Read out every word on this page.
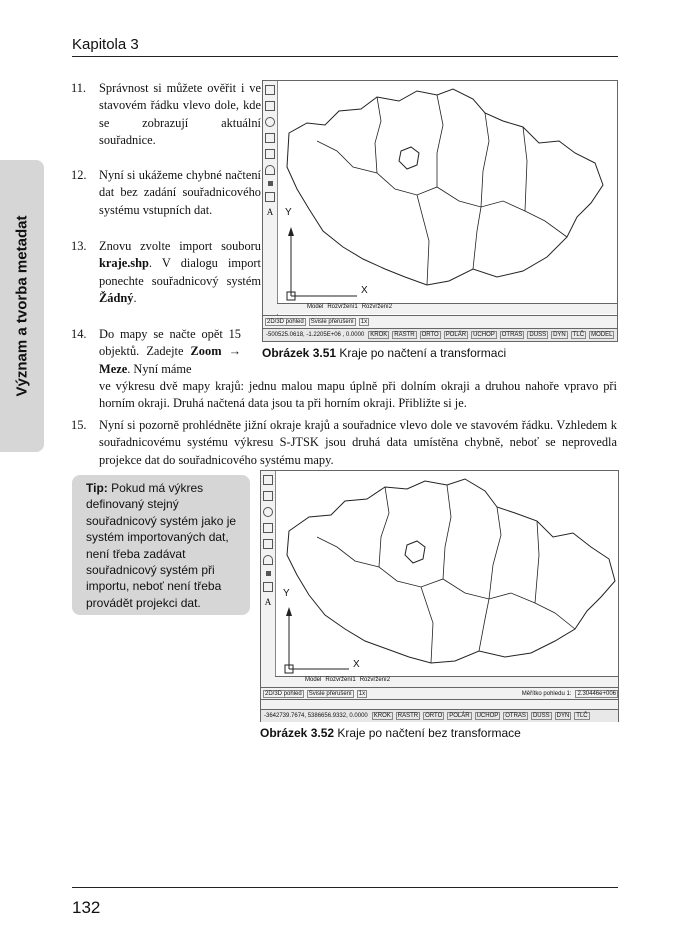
Kapitola 3
Význam a tvorba metadat
11. Správnost si můžete ověřit i ve stavovém řádku vlevo dole, kde se zobrazují aktuální souřadnice.
12. Nyní si ukážeme chybné načtení dat bez zadání souřadnicového systému vstupních dat.
13. Znovu zvolte import souboru kraje.shp. V dialogu import ponechte souřadnicový systém Žádný.
14. Do mapy se načte opět 15 objektů. Zadejte Zoom → Meze. Nyní máme
ve výkresu dvě mapy krajů: jednu malou mapu úplně při dolním okraji a druhou nahoře vpravo při horním okraji. Druhá načtená data jsou ta při horním okraji. Přibližte si je.
15. Nyní si pozorně prohlédněte jižní okraje krajů a souřadnice vlevo dole ve stavovém řádku. Vzhledem k souřadnicovému systému výkresu S-JTSK jsou druhá data umístěna chybně, neboť se neprovedla projekce dat do souřadnicového systému mapy.
A Y
X
Model Rozvržení1 Rozvržení2
2D/3D pohled	Svisle přerušení	1x
-500525.0618, -1.2205E+06 , 0.0000	KROK	RASTR	ORTO	POLÁR	UCHOP	OTRAS	DUSS	DYN	TLČ	MODEL
Obrázek 3.51 Kraje po načtení a transformaci
Tip: Pokud má výkres definovaný stejný souřadnicový systém jako je systém importovaných dat, není třeba zadávat souřadnicový systém při importu, neboť není třeba provádět projekci dat.	A
Y
X
Model Rozvržení1 Rozvržení2
2D/3D pohled	Svisle přerušení	1x	Měřítko pohledu 1:	2.30446e+006
-3642739.7674, 5386656.9332, 0.0000	KROK	RASTR	ORTO	POLÁR	UCHOP	OTRAS	DUSS	DYN	TLČ
Obrázek 3.52 Kraje po načtení bez transformace
132
